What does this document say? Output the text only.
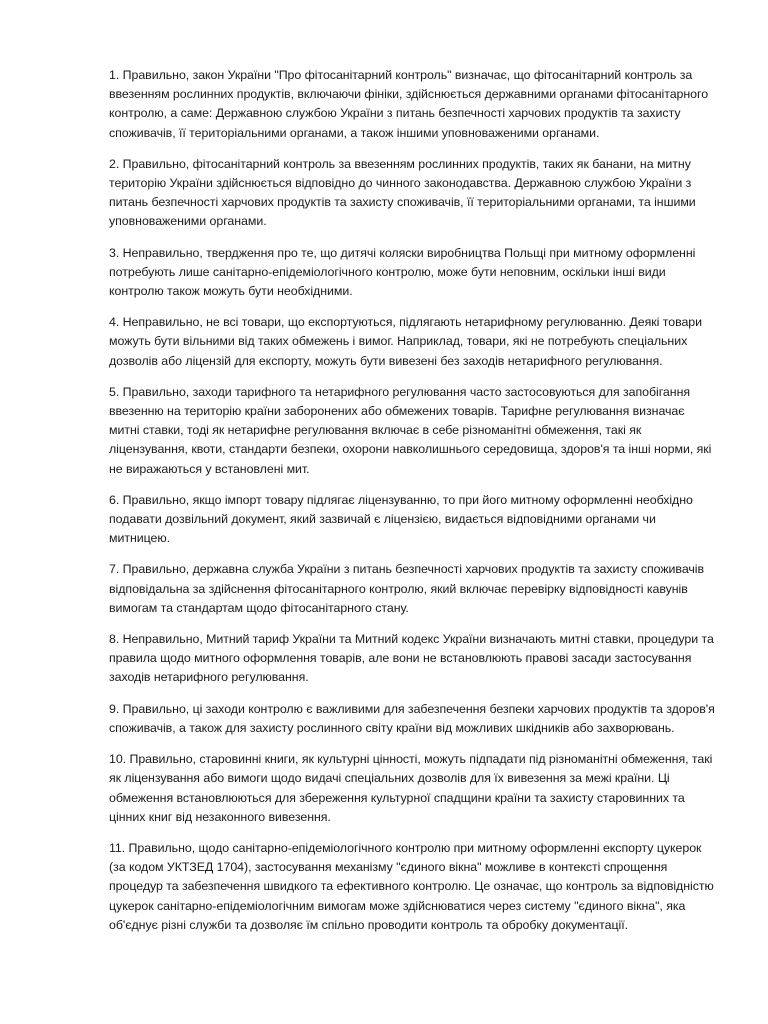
1. Правильно, закон України "Про фітосанітарний контроль" визначає, що фітосанітарний контроль за ввезенням рослинних продуктів, включаючи фініки, здійснюється державними органами фітосанітарного контролю, а саме: Державною службою України з питань безпечності харчових продуктів та захисту споживачів, її територіальними органами, а також іншими уповноваженими органами.

2. Правильно, фітосанітарний контроль за ввезенням рослинних продуктів, таких як банани, на митну територію України здійснюється відповідно до чинного законодавства. Державною службою України з питань безпечності харчових продуктів та захисту споживачів, її територіальними органами, та іншими уповноваженими органами.

3. Неправильно, твердження про те, що дитячі коляски виробництва Польщі при митному оформленні потребують лише санітарно-епідеміологічного контролю, може бути неповним, оскільки інші види контролю також можуть бути необхідними.

4. Неправильно, не всі товари, що експортуються, підлягають нетарифному регулюванню. Деякі товари можуть бути вільними від таких обмежень і вимог. Наприклад, товари, які не потребують спеціальних дозволів або ліцензій для експорту, можуть бути вивезені без заходів нетарифного регулювання.

5. Правильно, заходи тарифного та нетарифного регулювання часто застосовуються для запобігання ввезенню на територію країни заборонених або обмежених товарів. Тарифне регулювання визначає митні ставки, тоді як нетарифне регулювання включає в себе різноманітні обмеження, такі як ліцензування, квоти, стандарти безпеки, охорони навколишнього середовища, здоров'я та інші норми, які не виражаються у встановлені мит.

6. Правильно, якщо імпорт товару підлягає ліцензуванню, то при його митному оформленні необхідно подавати дозвільний документ, який зазвичай є ліцензією, видається відповідними органами чи митницею.

7. Правильно, державна служба України з питань безпечності харчових продуктів та захисту споживачів відповідальна за здійснення фітосанітарного контролю, який включає перевірку відповідності кавунів вимогам та стандартам щодо фітосанітарного стану.

8. Неправильно, Митний тариф України та Митний кодекс України визначають митні ставки, процедури та правила щодо митного оформлення товарів, але вони не встановлюють правові засади застосування заходів нетарифного регулювання.

9. Правильно, ці заходи контролю є важливими для забезпечення безпеки харчових продуктів та здоров'я споживачів, а також для захисту рослинного світу країни від можливих шкідників або захворювань.

10. Правильно, старовинні книги, як культурні цінності, можуть підпадати під різноманітні обмеження, такі як ліцензування або вимоги щодо видачі спеціальних дозволів для їх вивезення за межі країни. Ці обмеження встановлюються для збереження культурної спадщини країни та захисту старовинних та цінних книг від незаконного вивезення.

11. Правильно, щодо санітарно-епідеміологічного контролю при митному оформленні експорту цукерок (за кодом УКТЗЕД 1704), застосування механізму "єдиного вікна" можливе в контексті спрощення процедур та забезпечення швидкого та ефективного контролю. Це означає, що контроль за відповідністю цукерок санітарно-епідеміологічним вимогам може здійснюватися через систему "єдиного вікна", яка об'єднує різні служби та дозволяє їм спільно проводити контроль та обробку документації.
